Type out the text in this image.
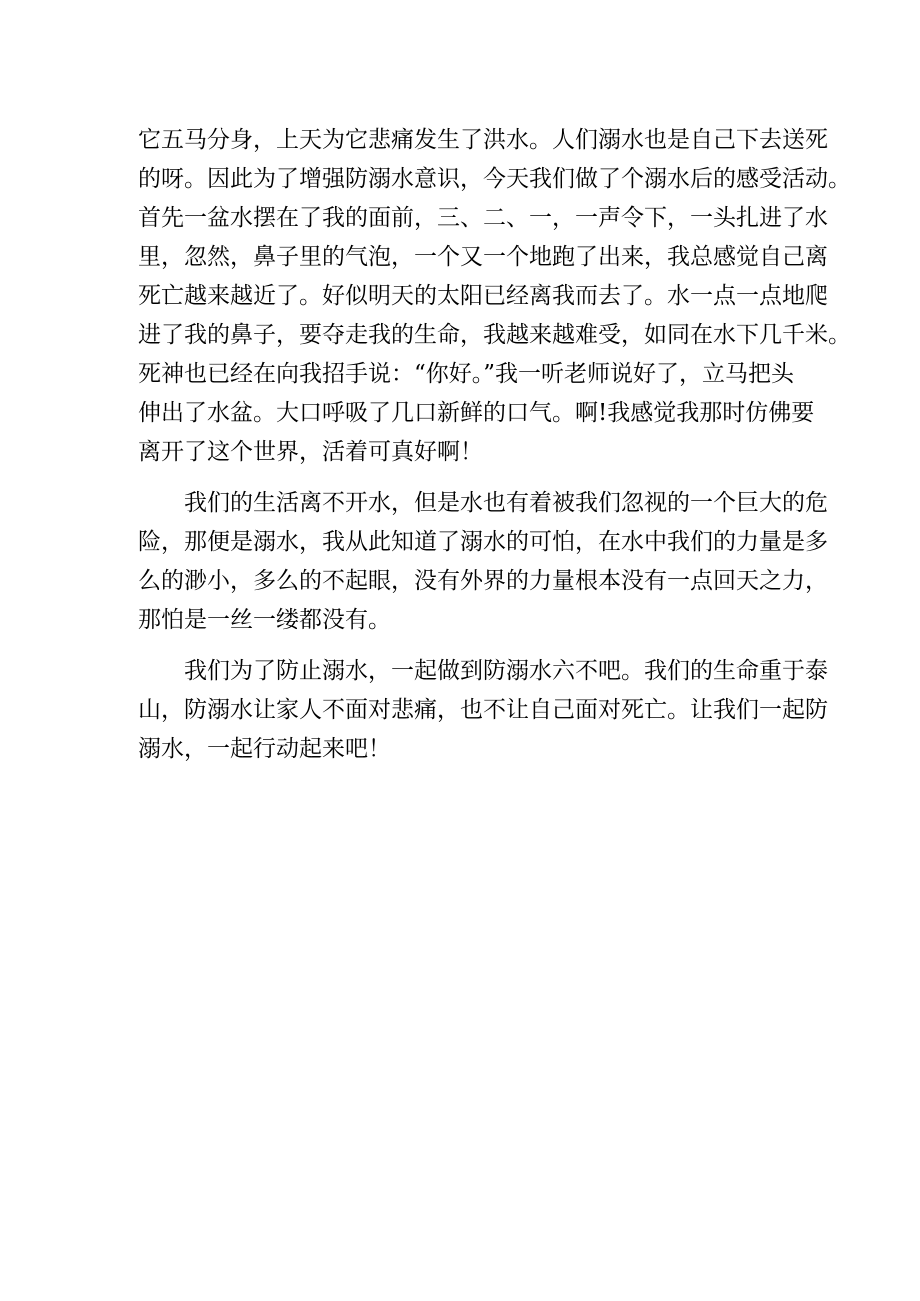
它五马分身，上天为它悲痛发生了洪水。人们溺水也是自己下去送死
的呀。因此为了增强防溺水意识，今天我们做了个溺水后的感受活动。
首先一盆水摆在了我的面前，三、二、一，一声令下，一头扎进了水
里，忽然，鼻子里的气泡，一个又一个地跑了出来，我总感觉自己离
死亡越来越近了。好似明天的太阳已经离我而去了。水一点一点地爬
进了我的鼻子，要夺走我的生命，我越来越难受，如同在水下几千米。
死神也已经在向我招手说：“你好。”我一听老师说好了，立马把头
伸出了水盆。大口呼吸了几口新鲜的口气。啊!我感觉我那时仿佛要
离开了这个世界，活着可真好啊！
我们的生活离不开水，但是水也有着被我们忽视的一个巨大的危
险，那便是溺水，我从此知道了溺水的可怕，在水中我们的力量是多
么的渺小，多么的不起眼，没有外界的力量根本没有一点回天之力，
那怕是一丝一缕都没有。
我们为了防止溺水，一起做到防溺水六不吧。我们的生命重于泰
山，防溺水让家人不面对悲痛，也不让自己面对死亡。让我们一起防
溺水，一起行动起来吧！
